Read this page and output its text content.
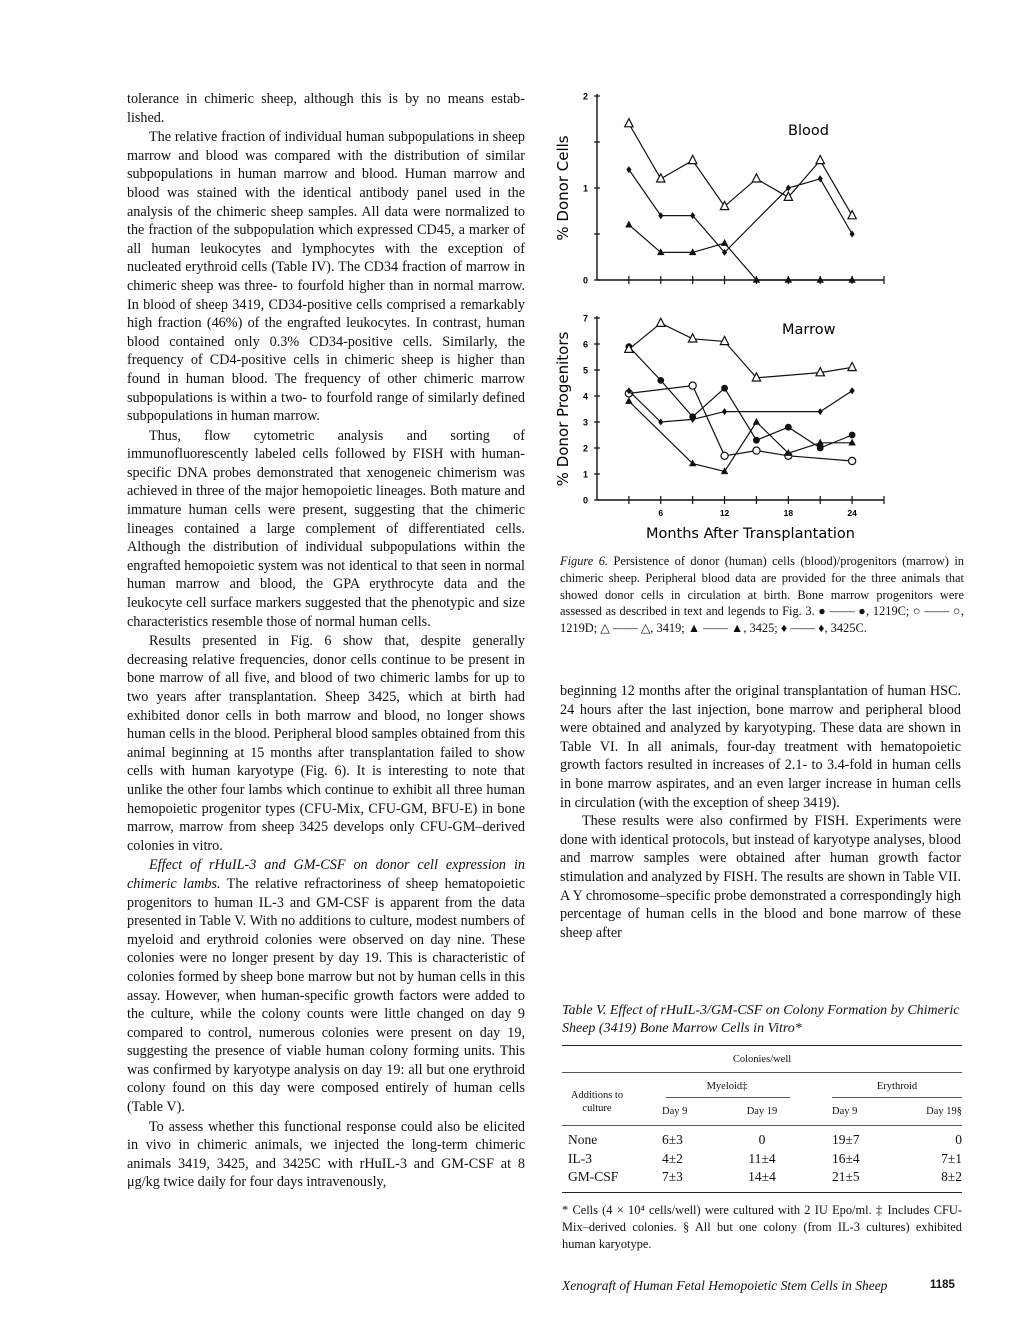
tolerance in chimeric sheep, although this is by no means estab-lished.

The relative fraction of individual human subpopulations in sheep marrow and blood was compared with the distribution of similar subpopulations in human marrow and blood. Human marrow and blood was stained with the identical antibody panel used in the analysis of the chimeric sheep samples. All data were normalized to the fraction of the subpopulation which expressed CD45, a marker of all human leukocytes and lymphocytes with the exception of nucleated erythroid cells (Table IV). The CD34 fraction of marrow in chimeric sheep was three- to fourfold higher than in normal marrow. In blood of sheep 3419, CD34-positive cells comprised a remarkably high fraction (46%) of the engrafted leukocytes. In contrast, human blood contained only 0.3% CD34-positive cells. Similarly, the frequency of CD4-positive cells in chimeric sheep is higher than found in human blood. The frequency of other chimeric marrow subpopulations is within a two- to fourfold range of similarly defined subpopulations in human marrow.

Thus, flow cytometric analysis and sorting of immunofluorescently labeled cells followed by FISH with human-specific DNA probes demonstrated that xenogeneic chimerism was achieved in three of the major hemopoietic lineages. Both mature and immature human cells were present, suggesting that the chimeric lineages contained a large complement of differentiated cells. Although the distribution of individual subpopulations within the engrafted hemopoietic system was not identical to that seen in normal human marrow and blood, the GPA erythrocyte data and the leukocyte cell surface markers suggested that the phenotypic and size characteristics resemble those of normal human cells.

Results presented in Fig. 6 show that, despite generally decreasing relative frequencies, donor cells continue to be present in bone marrow of all five, and blood of two chimeric lambs for up to two years after transplantation. Sheep 3425, which at birth had exhibited donor cells in both marrow and blood, no longer shows human cells in the blood. Peripheral blood samples obtained from this animal beginning at 15 months after transplantation failed to show cells with human karyotype (Fig. 6). It is interesting to note that unlike the other four lambs which continue to exhibit all three human hemopoietic progenitor types (CFU-Mix, CFU-GM, BFU-E) in bone marrow, marrow from sheep 3425 develops only CFU-GM–derived colonies in vitro.

Effect of rHuIL-3 and GM-CSF on donor cell expression in chimeric lambs. The relative refractoriness of sheep hematopoietic progenitors to human IL-3 and GM-CSF is apparent from the data presented in Table V. With no additions to culture, modest numbers of myeloid and erythroid colonies were observed on day nine. These colonies were no longer present by day 19. This is characteristic of colonies formed by sheep bone marrow but not by human cells in this assay. However, when human-specific growth factors were added to the culture, while the colony counts were little changed on day 9 compared to control, numerous colonies were present on day 19, suggesting the presence of viable human colony forming units. This was confirmed by karyotype analysis on day 19: all but one erythroid colony found on this day were composed entirely of human cells (Table V).

To assess whether this functional response could also be elicited in vivo in chimeric animals, we injected the long-term chimeric animals 3419, 3425, and 3425C with rHuIL-3 and GM-CSF at 8 μg/kg twice daily for four days intravenously,

0
1
2
% Donor Cells
Blood
0
1
2
3
4
5
6
7
6	12	18	24
% Donor Progenitors
Marrow
Months After Transplantation
Figure 6. Persistence of donor (human) cells (blood)/progenitors (marrow) in chimeric sheep. Peripheral blood data are provided for the three animals that showed donor cells in circulation at birth. Bone marrow progenitors were assessed as described in text and legends to Fig. 3. ● —— ●, 1219C; ○ —— ○, 1219D; △ —— △, 3419; ▲ —— ▲, 3425; ♦ —— ♦, 3425C.

beginning 12 months after the original transplantation of human HSC. 24 hours after the last injection, bone marrow and peripheral blood were obtained and analyzed by karyotyping. These data are shown in Table VI. In all animals, four-day treatment with hematopoietic growth factors resulted in increases of 2.1- to 3.4-fold in human cells in bone marrow aspirates, and an even larger increase in human cells in circulation (with the exception of sheep 3419).

These results were also confirmed by FISH. Experiments were done with identical protocols, but instead of karyotype analyses, blood and marrow samples were obtained after human growth factor stimulation and analyzed by FISH. The results are shown in Table VII. A Y chromosome–specific probe demonstrated a correspondingly high percentage of human cells in the blood and bone marrow of these sheep after

Table V. Effect of rHuIL-3/GM-CSF on Colony Formation by Chimeric Sheep (3419) Bone Marrow Cells in Vitro*
Colonies/well
Myeloid‡	Erythroid
Additions to culture	Day 9	Day 19	Day 9	Day 19§
None	6±3	0	19±7	0
IL-3	4±2	11±4	16±4	7±1
GM-CSF	7±3	14±4	21±5	8±2
* Cells (4 × 10⁴ cells/well) were cultured with 2 IU Epo/ml. ‡ Includes CFU-Mix–derived colonies. § All but one colony (from IL-3 cultures) exhibited human karyotype.
Xenograft of Human Fetal Hemopoietic Stem Cells in Sheep	1185
